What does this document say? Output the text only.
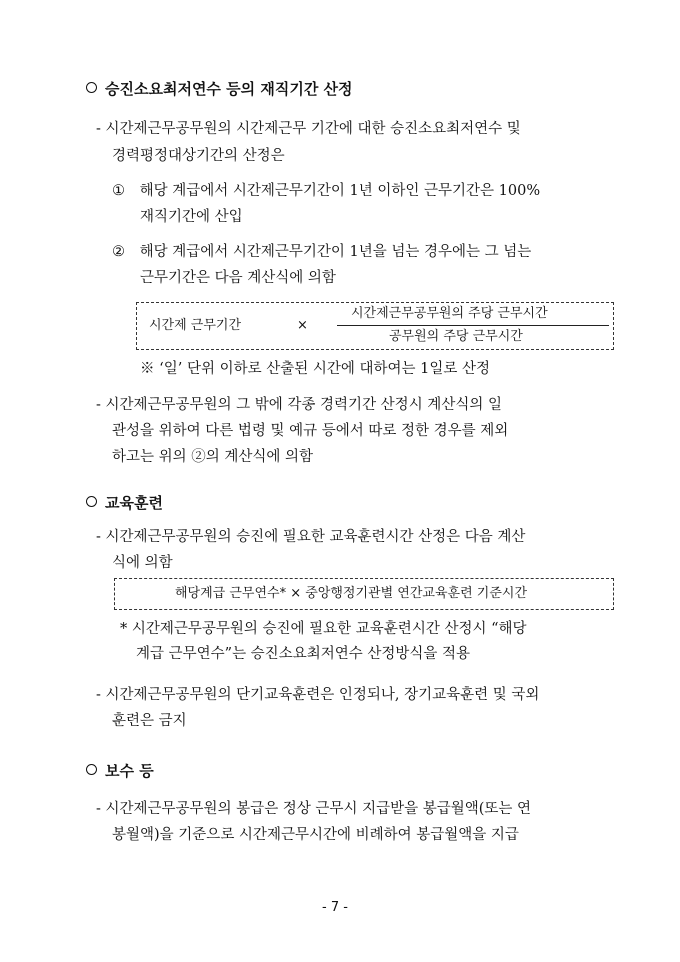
승진소요최저연수 등의 재직기간 산정
- 시간제근무공무원의 시간제근무 기간에 대한 승진소요최저연수 및
경력평정대상기간의 산정은
① 해당 계급에서 시간제근무기간이 1년 이하인 근무기간은 100%
재직기간에 산입
② 해당 계급에서 시간제근무기간이 1년을 넘는 경우에는 그 넘는
근무기간은 다음 계산식에 의함
시간제 근무기간	×
시간제근무공무원의 주당 근무시간
공무원의 주당 근무시간
※ ‘일’ 단위 이하로 산출된 시간에 대하여는 1일로 산정
- 시간제근무공무원의 그 밖에 각종 경력기간 산정시 계산식의 일
관성을 위하여 다른 법령 및 예규 등에서 따로 정한 경우를 제외
하고는 위의 ②의 계산식에 의함
교육훈련
- 시간제근무공무원의 승진에 필요한 교육훈련시간 산정은 다음 계산
식에 의함
해당계급 근무연수* × 중앙행정기관별 연간교육훈련 기준시간
* 시간제근무공무원의 승진에 필요한 교육훈련시간 산정시 “해당
계급 근무연수”는 승진소요최저연수 산정방식을 적용
- 시간제근무공무원의 단기교육훈련은 인정되나, 장기교육훈련 및 국외
훈련은 금지
보수 등
- 시간제근무공무원의 봉급은 정상 근무시 지급받을 봉급월액(또는 연
봉월액)을 기준으로 시간제근무시간에 비례하여 봉급월액을 지급
- 7 -
